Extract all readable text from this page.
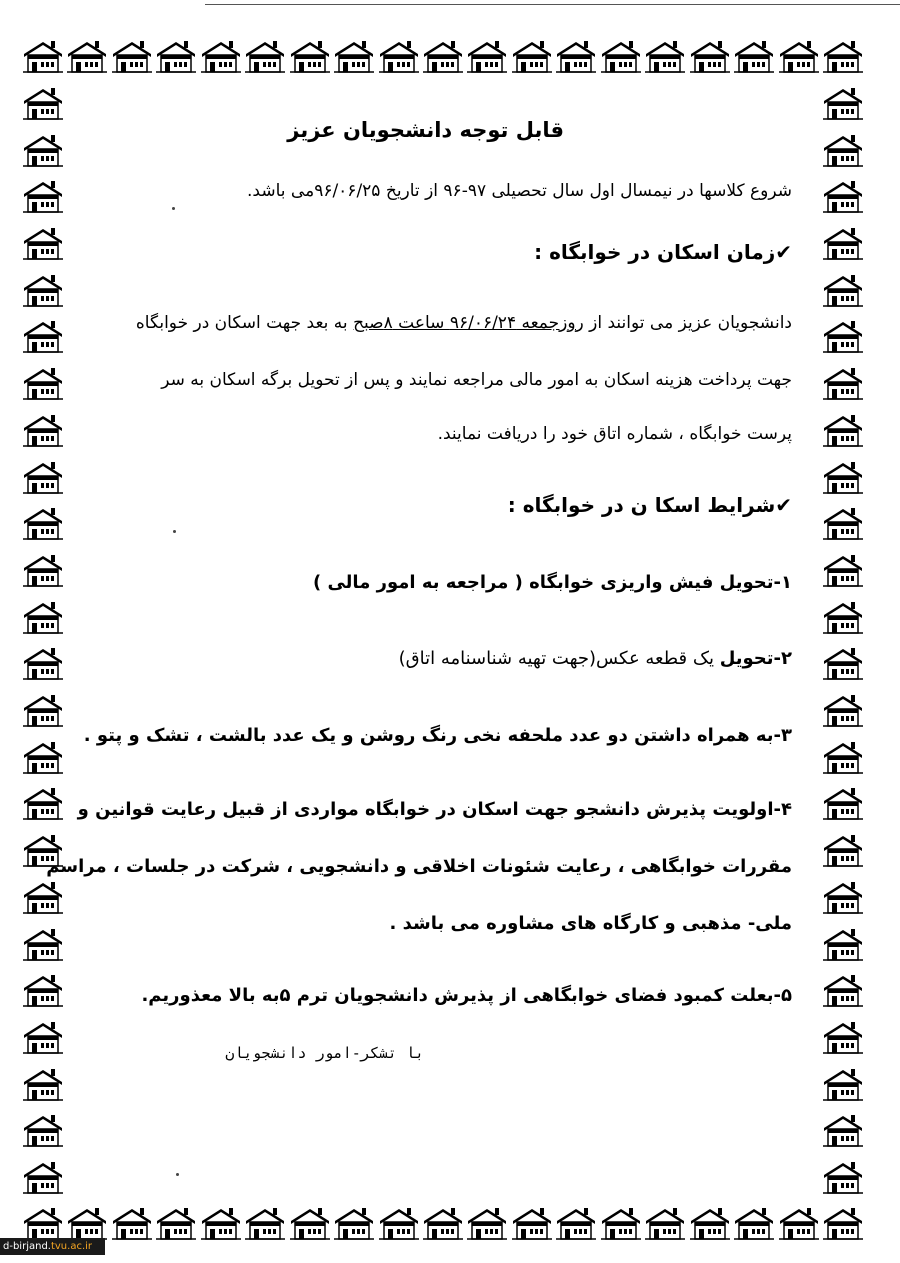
قابل توجه دانشجویان عزیز
شروع کلاسها در نیمسال اول سال تحصیلی ۹۷-۹۶ از تاریخ ۹۶/۰۶/۲۵می باشد.
✔زمان اسکان در خوابگاه :
دانشجویان عزیز می توانند از روزجمعه ۹۶/۰۶/۲۴ ساعت ۸صبح به بعد جهت اسکان در خوابگاه
جهت پرداخت هزینه اسکان به امور مالی مراجعه نمایند و پس از تحویل برگه اسکان به سر
پرست خوابگاه ، شماره اتاق خود را دریافت نمایند.
✔شرایط اسکا ن در خوابگاه :
۱-تحویل فیش واریزی خوابگاه ( مراجعه به امور مالی )
۲-تحویل یک قطعه عکس(جهت تهیه شناسنامه اتاق)
۳-به همراه داشتن دو عدد ملحفه نخی رنگ روشن و یک عدد بالشت ، تشک و پتو .
۴-اولویت پذیرش دانشجو جهت اسکان در خوابگاه مواردی از قبیل رعایت قوانین و
مقررات خوابگاهی ، رعایت شئونات اخلاقی و دانشجویی ، شرکت در جلسات ، مراسم
ملی- مذهبی و کارگاه های مشاوره می باشد .
۵-بعلت کمبود فضای خوابگاهی از پذیرش دانشجویان ترم ۵به بالا معذوریم.
با تشکر-امور دانشجویان
d-birjand.tvu.ac.ir
